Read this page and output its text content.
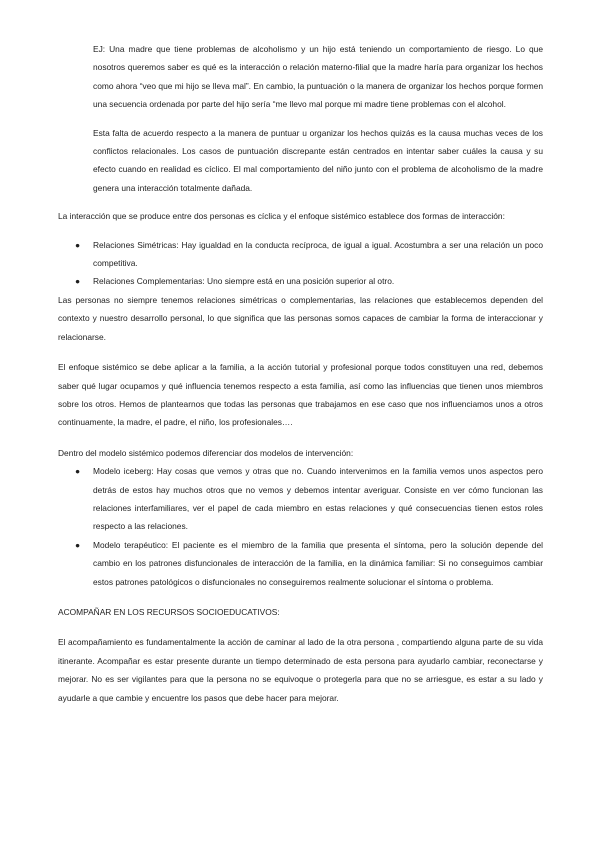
EJ: Una madre que tiene problemas de alcoholismo y un hijo está teniendo un comportamiento de riesgo. Lo que nosotros queremos saber es qué es la interacción o relación materno-filial que la madre haría para organizar los hechos como ahora “veo que mi hijo se lleva mal”. En cambio, la puntuación o la manera de organizar los hechos porque formen una secuencia ordenada por parte del hijo sería “me llevo mal porque mi madre tiene problemas con el alcohol.

Esta falta de acuerdo respecto a la manera de puntuar u organizar los hechos quizás es la causa muchas veces de los conflictos relacionales. Los casos de puntuación discrepante están centrados en intentar saber cuáles la causa y su efecto cuando en realidad es cíclico. El mal comportamiento del niño junto con el problema de alcoholismo de la madre genera una interacción totalmente dañada.

La interacción que se produce entre dos personas es cíclica y el enfoque sistémico establece dos formas de interacción:

● Relaciones Simétricas: Hay igualdad en la conducta recíproca, de igual a igual. Acostumbra a ser una relación un poco competitiva.
● Relaciones Complementarias: Uno siempre está en una posición superior al otro.

Las personas no siempre tenemos relaciones simétricas o complementarias, las relaciones que establecemos dependen del contexto y nuestro desarrollo personal, lo que significa que las personas somos capaces de cambiar la forma de interaccionar y relacionarse.

El enfoque sistémico se debe aplicar a la familia, a la acción tutorial y profesional porque todos constituyen una red, debemos saber qué lugar ocupamos y qué influencia tenemos respecto a esta familia, así como las influencias que tienen unos miembros sobre los otros. Hemos de plantearnos que todas las personas que trabajamos en ese caso que nos influenciamos unos a otros continuamente, la madre, el padre, el niño, los profesionales….

Dentro del modelo sistémico podemos diferenciar dos modelos de intervención:

● Modelo iceberg: Hay cosas que vemos y otras que no. Cuando intervenimos en la familia vemos unos aspectos pero detrás de estos hay muchos otros que no vemos y debemos intentar averiguar. Consiste en ver cómo funcionan las relaciones interfamiliares, ver el papel de cada miembro en estas relaciones y qué consecuencias tienen estos roles respecto a las relaciones.
● Modelo terapéutico: El paciente es el miembro de la familia que presenta el síntoma, pero la solución depende del cambio en los patrones disfuncionales de interacción de la familia, en la dinámica familiar: Si no conseguimos cambiar estos patrones patológicos o disfuncionales no conseguiremos realmente solucionar el síntoma o problema.

ACOMPAÑAR EN LOS RECURSOS SOCIOEDUCATIVOS:

El acompañamiento es fundamentalmente la acción de caminar al lado de la otra persona , compartiendo alguna parte de su vida itinerante. Acompañar es estar presente durante un tiempo determinado de esta persona para ayudarlo cambiar, reconectarse y mejorar. No es ser vigilantes para que la persona no se equivoque o protegerla para que no se arriesgue, es estar a su lado y ayudarle a que cambie y encuentre los pasos que debe hacer para mejorar.
